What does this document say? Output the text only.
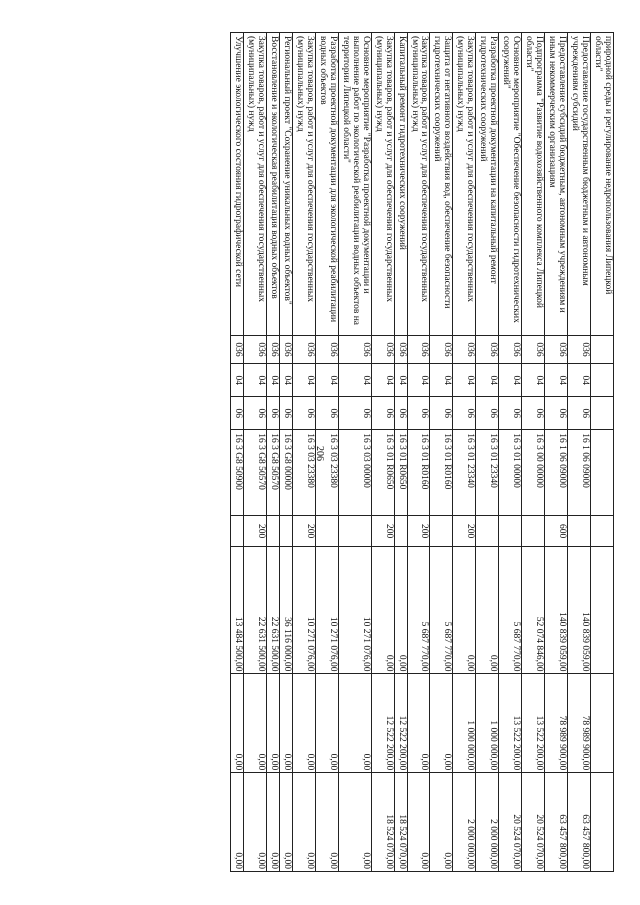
206
природной среды и регулирование недропользования Липецкой области"								
Предоставление государственным бюджетным и автономным учреждениям субсидий	036	04	06	16 1 06 09000		140 839 059,00	78 989 900,00	63 457 800,00
Предоставление субсидий бюджетным, автономным учреждениям и иным некоммерческим организациям	036	04	06	16 1 06 09000	600	140 839 059,00	78 989 900,00	63 457 800,00
Подпрограмма "Развитие водохозяйственного комплекса Липецкой области"	036	04	06	16 3 00 00000		52 074 846,00	13 522 200,00	20 524 070,00
Основное мероприятие "Обеспечение безопасности гидротехнических сооружений"	036	04	06	16 3 01 00000		5 687 770,00	13 522 200,00	20 524 070,00
Разработка проектной документации на капитальный ремонт гидротехнических сооружений	036	04	06	16 3 01 23340		0,00	1 000 000,00	2 000 000,00
Закупка товаров, работ и услуг для обеспечения государственных (муниципальных) нужд	036	04	06	16 3 01 23340	200	0,00	1 000 000,00	2 000 000,00
Защита от негативного воздействия вод, обеспечение безопасности гидротехнических сооружений	036	04	06	16 3 01 R0160		5 687 770,00	0,00	0,00
Закупка товаров, работ и услуг для обеспечения государственных (муниципальных) нужд	036	04	06	16 3 01 R0160	200	5 687 770,00	0,00	0,00
Капитальный ремонт гидротехнических сооружений	036	04	06	16 3 01 R0650		0,00	12 522 200,00	18 524 070,00
Закупка товаров, работ и услуг для обеспечения государственных (муниципальных) нужд	036	04	06	16 3 01 R0650	200	0,00	12 522 200,00	18 524 070,00
Основное мероприятие "Разработка проектной документации и выполнение работ по экологической реабилитации водных объектов на территории Липецкой области"	036	04	06	16 3 03 00000		10 271 076,00	0,00	0,00
Разработка проектной документации для экологической реабилитации водных объектов	036	04	06	16 3 03 23380		10 271 076,00	0,00	0,00
Закупка товаров, работ и услуг для обеспечения государственных (муниципальных) нужд	036	04	06	16 3 03 23380	200	10 271 076,00	0,00	0,00
Региональный проект "Сохранение уникальных водных объектов"	036	04	06	16 3 G8 00000		36 116 000,00	0,00	0,00
Восстановление и экологическая реабилитация водных объектов	036	04	06	16 3 G8 50570		22 631 500,00	0,00	0,00
Закупка товаров, работ и услуг для обеспечения государственных (муниципальных) нужд	036	04	06	16 3 G8 50570	200	22 631 500,00	0,00	0,00
Улучшение экологического состояния гидрографической сети	036	04	06	16 3 G8 50900		13 484 500,00	0,00	0,00
